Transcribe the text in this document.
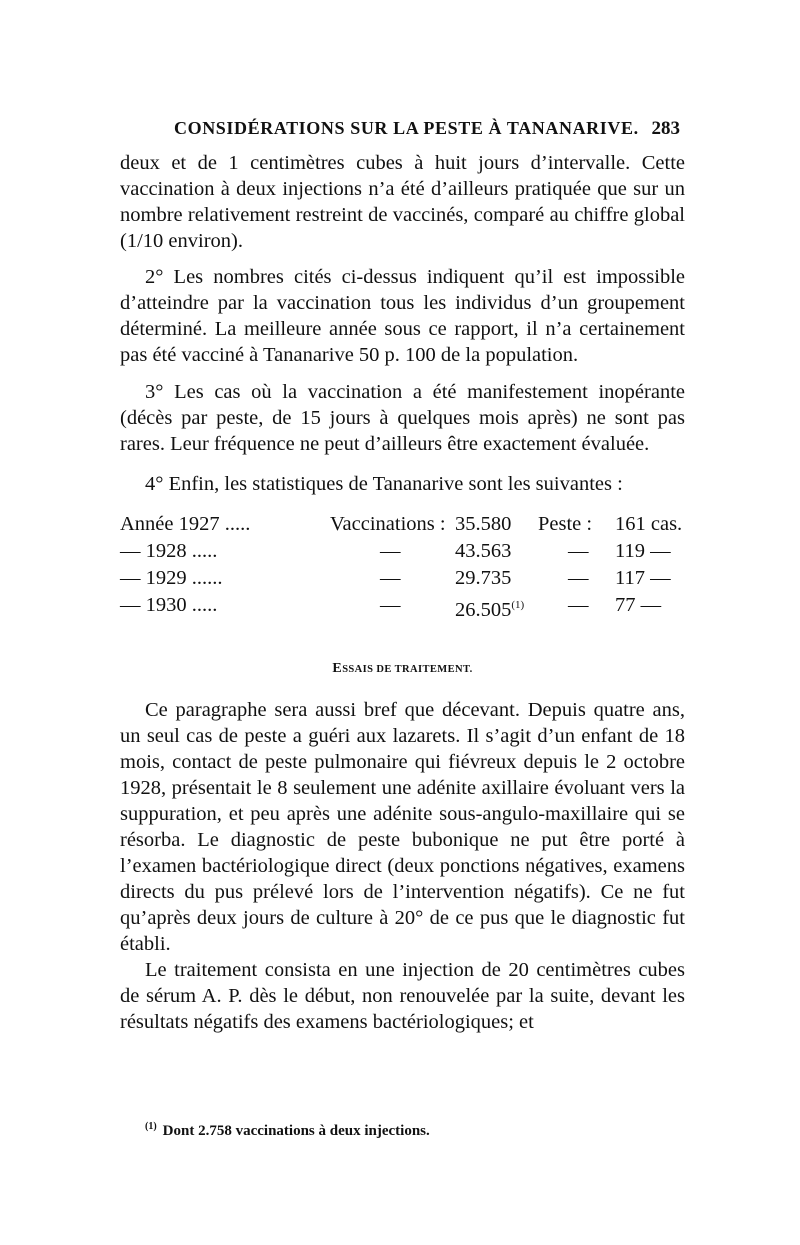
CONSIDÉRATIONS SUR LA PESTE À TANANARIVE. 283

deux et de 1 centimètres cubes à huit jours d’intervalle. Cette vaccination à deux injections n’a été d’ailleurs pratiquée que sur un nombre relativement restreint de vaccinés, comparé au chiffre global (1/10 environ).

2° Les nombres cités ci-dessus indiquent qu’il est impossible d’atteindre par la vaccination tous les individus d’un groupement déterminé. La meilleure année sous ce rapport, il n’a certainement pas été vacciné à Tananarive 50 p. 100 de la population.

3° Les cas où la vaccination a été manifestement inopérante (décès par peste, de 15 jours à quelques mois après) ne sont pas rares. Leur fréquence ne peut d’ailleurs être exactement évaluée.

4° Enfin, les statistiques de Tananarive sont les suivantes :

Année 1927 .....	Vaccinations : 35.580 Peste : 161 cas.
— 1928 .....	—	43.563	— 119 —
— 1929 ......	—	29.735	— 117 —
— 1930 .....	—	26.505$^{(1)}$ — 77 —
ESSAIS DE TRAITEMENT.

Ce paragraphe sera aussi bref que décevant. Depuis quatre ans, un seul cas de peste a guéri aux lazarets. Il s’agit d’un enfant de 18 mois, contact de peste pulmonaire qui fiévreux depuis le 2 octobre 1928, présentait le 8 seulement une adénite axillaire évoluant vers la suppuration, et peu après une adénite sous-angulo-maxillaire qui se résorba. Le diagnostic de peste bubonique ne put être porté à l’examen bactériologique direct (deux ponctions négatives, examens directs du pus prélevé lors de l’intervention négatifs). Ce ne fut qu’après deux jours de culture à 20° de ce pus que le diagnostic fut établi.

Le traitement consista en une injection de 20 centimètres cubes de sérum A. P. dès le début, non renouvelée par la suite, devant les résultats négatifs des examens bactériologiques; et

$^{(1)}$ Dont 2.758 vaccinations à deux injections.
